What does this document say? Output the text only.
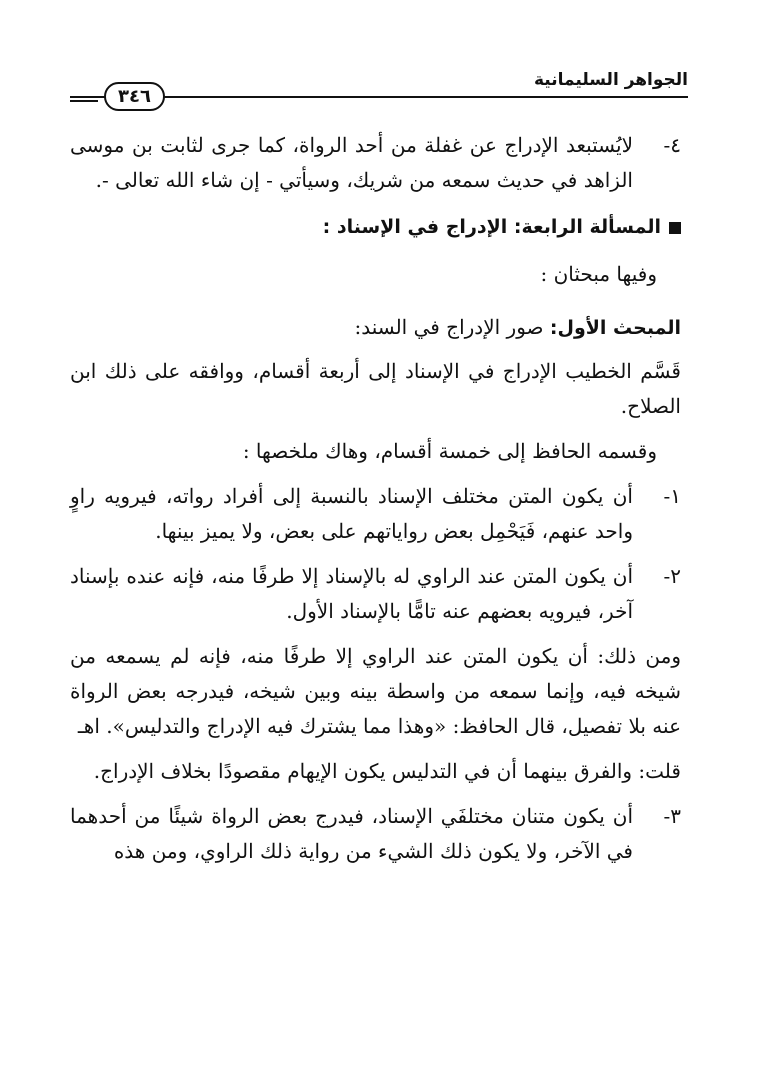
الجواهر السليمانية
٣٤٦
٤-
لايُستبعد الإدراج عن غفلة من أحد الرواة، كما جرى لثابت بن موسى الزاهد في حديث سمعه من شريك، وسيأتي - إن شاء الله تعالى -.
المسألة الرابعة: الإدراج في الإسناد :
وفيها مبحثان :
المبحث الأول: صور الإدراج في السند:
قَسَّم الخطيب الإدراج في الإسناد إلى أربعة أقسام، ووافقه على ذلك ابن الصلاح.
وقسمه الحافظ إلى خمسة أقسام، وهاك ملخصها :
١-
أن يكون المتن مختلف الإسناد بالنسبة إلى أفراد رواته، فيرويه راوٍ واحد عنهم، فَيَحْمِل بعض رواياتهم على بعض، ولا يميز بينها.
٢-
أن يكون المتن عند الراوي له بالإسناد إلا طرفًا منه، فإنه عنده بإسناد آخر، فيرويه بعضهم عنه تامًّا بالإسناد الأول.
ومن ذلك: أن يكون المتن عند الراوي إلا طرفًا منه، فإنه لم يسمعه من شيخه فيه، وإنما سمعه من واسطة بينه وبين شيخه، فيدرجه بعض الرواة عنه بلا تفصيل، قال الحافظ: «وهذا مما يشترك فيه الإدراج والتدليس». اهـ
قلت: والفرق بينهما أن في التدليس يكون الإيهام مقصودًا بخلاف الإدراج.
٣-
أن يكون متنان مختلفَي الإسناد، فيدرج بعض الرواة شيئًا من أحدهما في الآخر، ولا يكون ذلك الشيء من رواية ذلك الراوي، ومن هذه
